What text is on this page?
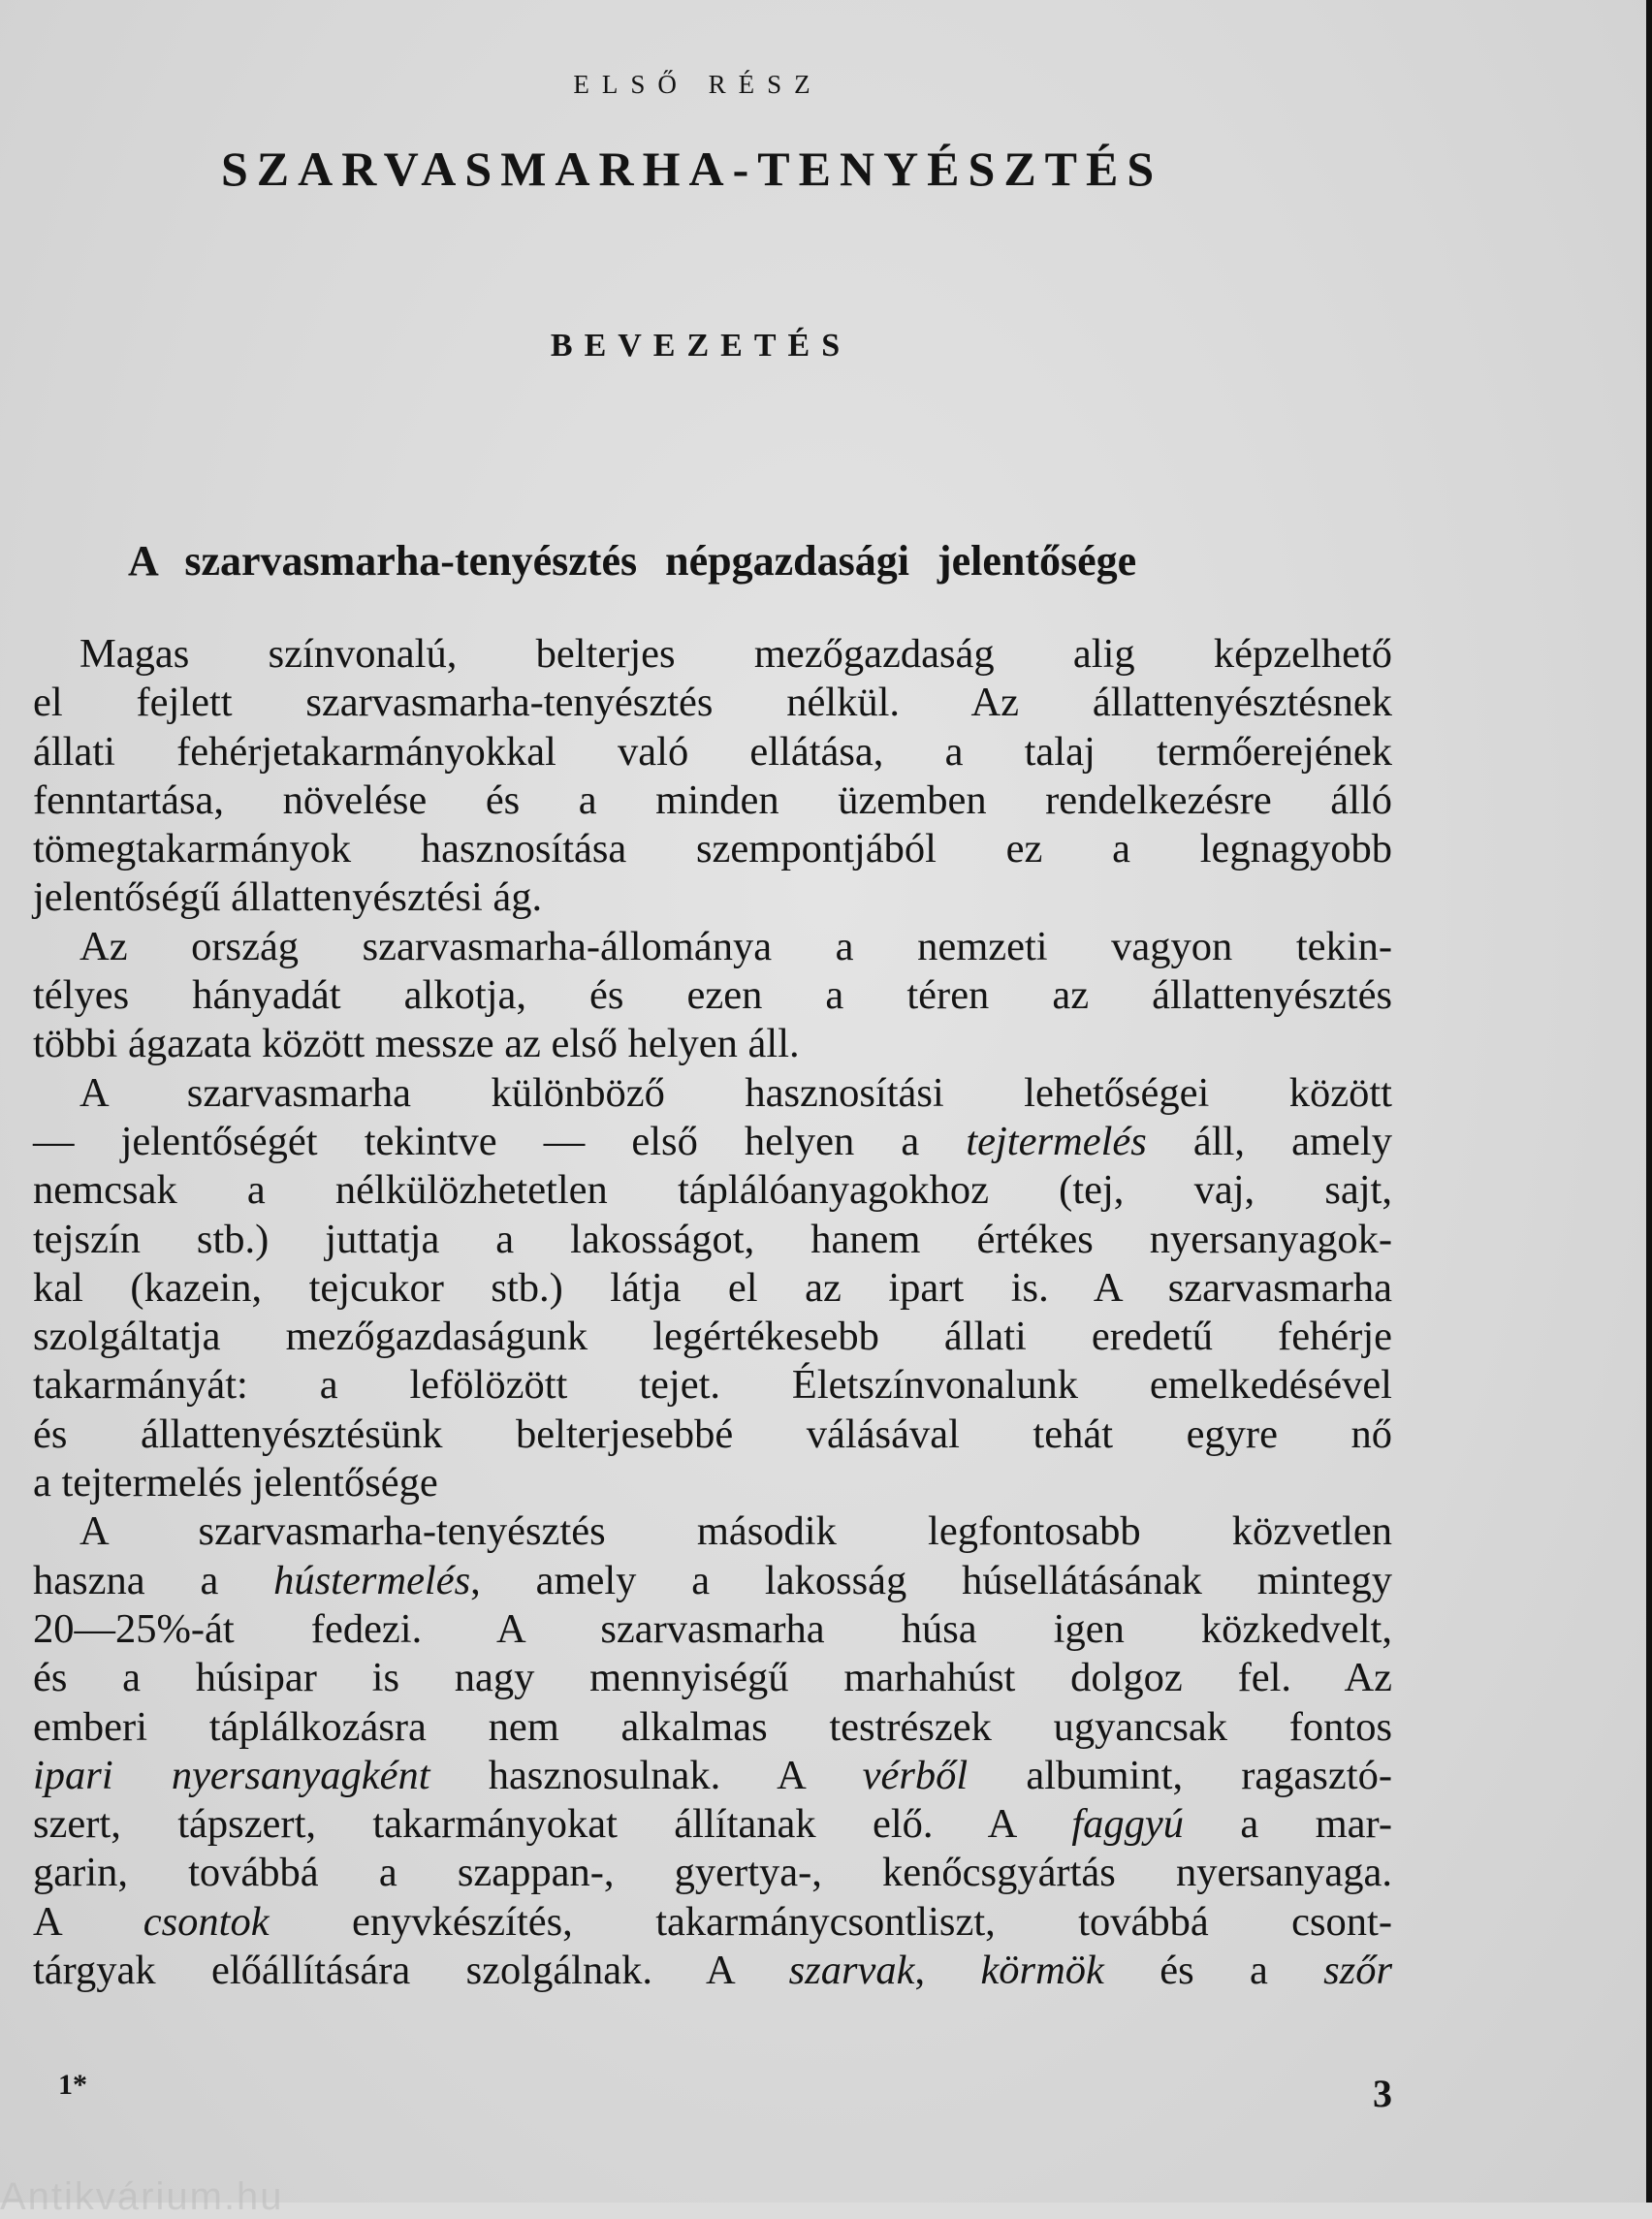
ELSŐ RÉSZ
SZARVASMARHA-TENYÉSZTÉS
BEVEZETÉS
A szarvasmarha-tenyésztés népgazdasági jelentősége
Magas színvonalú, belterjes mezőgazdaság alig képzelhető
el fejlett szarvasmarha-tenyésztés nélkül. Az állattenyésztésnek
állati fehérjetakarmányokkal való ellátása, a talaj termőerejének
fenntartása, növelése és a minden üzemben rendelkezésre álló
tömegtakarmányok hasznosítása szempontjából ez a legnagyobb
jelentőségű állattenyésztési ág.
Az ország szarvasmarha-állománya a nemzeti vagyon tekin-
télyes hányadát alkotja, és ezen a téren az állattenyésztés
többi ágazata között messze az első helyen áll.
A szarvasmarha különböző hasznosítási lehetőségei között
— jelentőségét tekintve — első helyen a tejtermelés áll, amely
nemcsak a nélkülözhetetlen táplálóanyagokhoz (tej, vaj, sajt,
tejszín stb.) juttatja a lakosságot, hanem értékes nyersanyagok-
kal (kazein, tejcukor stb.) látja el az ipart is. A szarvasmarha
szolgáltatja mezőgazdaságunk legértékesebb állati eredetű fehérje
takarmányát: a lefölözött tejet. Életszínvonalunk emelkedésével
és állattenyésztésünk belterjesebbé válásával tehát egyre nő
a tejtermelés jelentősége
A szarvasmarha-tenyésztés második legfontosabb közvetlen
haszna a hústermelés, amely a lakosság húsellátásának mintegy
20—25%-át fedezi. A szarvasmarha húsa igen közkedvelt,
és a húsipar is nagy mennyiségű marhahúst dolgoz fel. Az
emberi táplálkozásra nem alkalmas testrészek ugyancsak fontos
ipari nyersanyagként hasznosulnak. A vérből albumint, ragasztó-
szert, tápszert, takarmányokat állítanak elő. A faggyú a mar-
garin, továbbá a szappan-, gyertya-, kenőcsgyártás nyersanyaga.
A csontok enyvkészítés, takarmánycsontliszt, továbbá csont-
tárgyak előállítására szolgálnak. A szarvak, körmök és a szőr
1*	3
Antikvárium.hu
